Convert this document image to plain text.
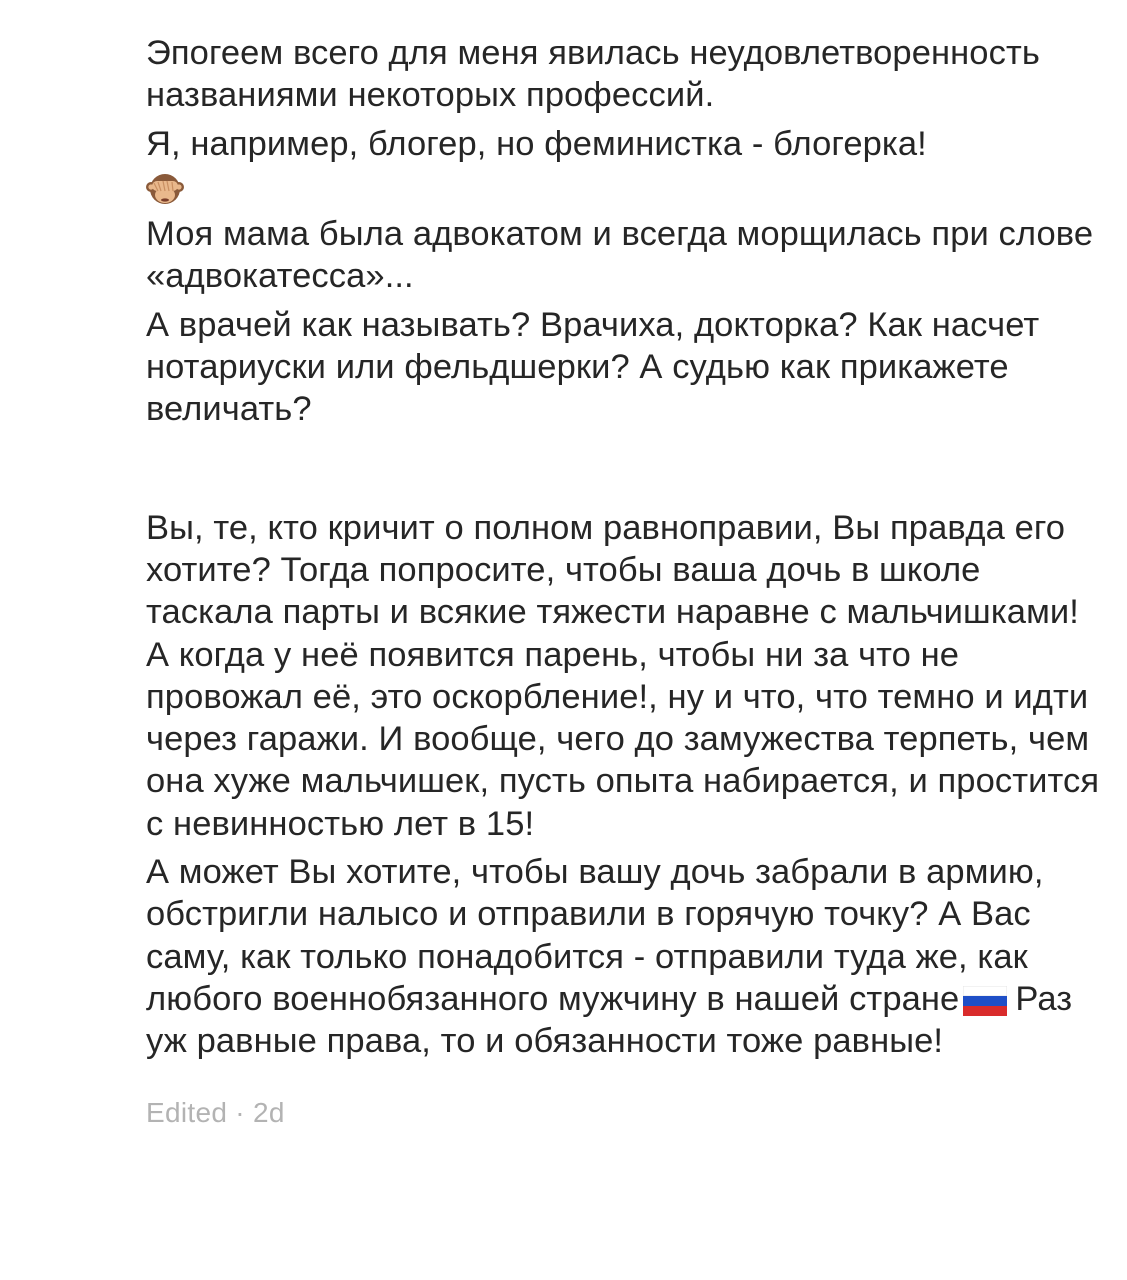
Эпогеем всего для меня явилась неудовлетворенность названиями некоторых профессий.

Я, например, блогер, но феминистка - блогерка!

Моя мама была адвокатом и всегда морщилась при слове «адвокатесса»...

А врачей как называть? Врачиха, докторка? Как насчет нотариуски или фельдшерки? А судью как прикажете величать?

Вы, те, кто кричит о полном равноправии, Вы правда его хотите? Тогда попросите, чтобы ваша дочь в школе таскала парты и всякие тяжести наравне с мальчишками! А когда у неё появится парень, чтобы ни за что не провожал её, это оскорбление!, ну и что, что темно и идти через гаражи. И вообще, чего до замужества терпеть, чем она хуже мальчишек, пусть опыта набирается, и простится с невинностью лет в 15!

А может Вы хотите, чтобы вашу дочь забрали в армию, обстригли налысо и отправили в горячую точку? А Вас саму, как только понадобится - отправили туда же, как любого военнобязанного мужчину в нашей стране Раз уж равные права, то и обязанности тоже равные!

Edited · 2d
